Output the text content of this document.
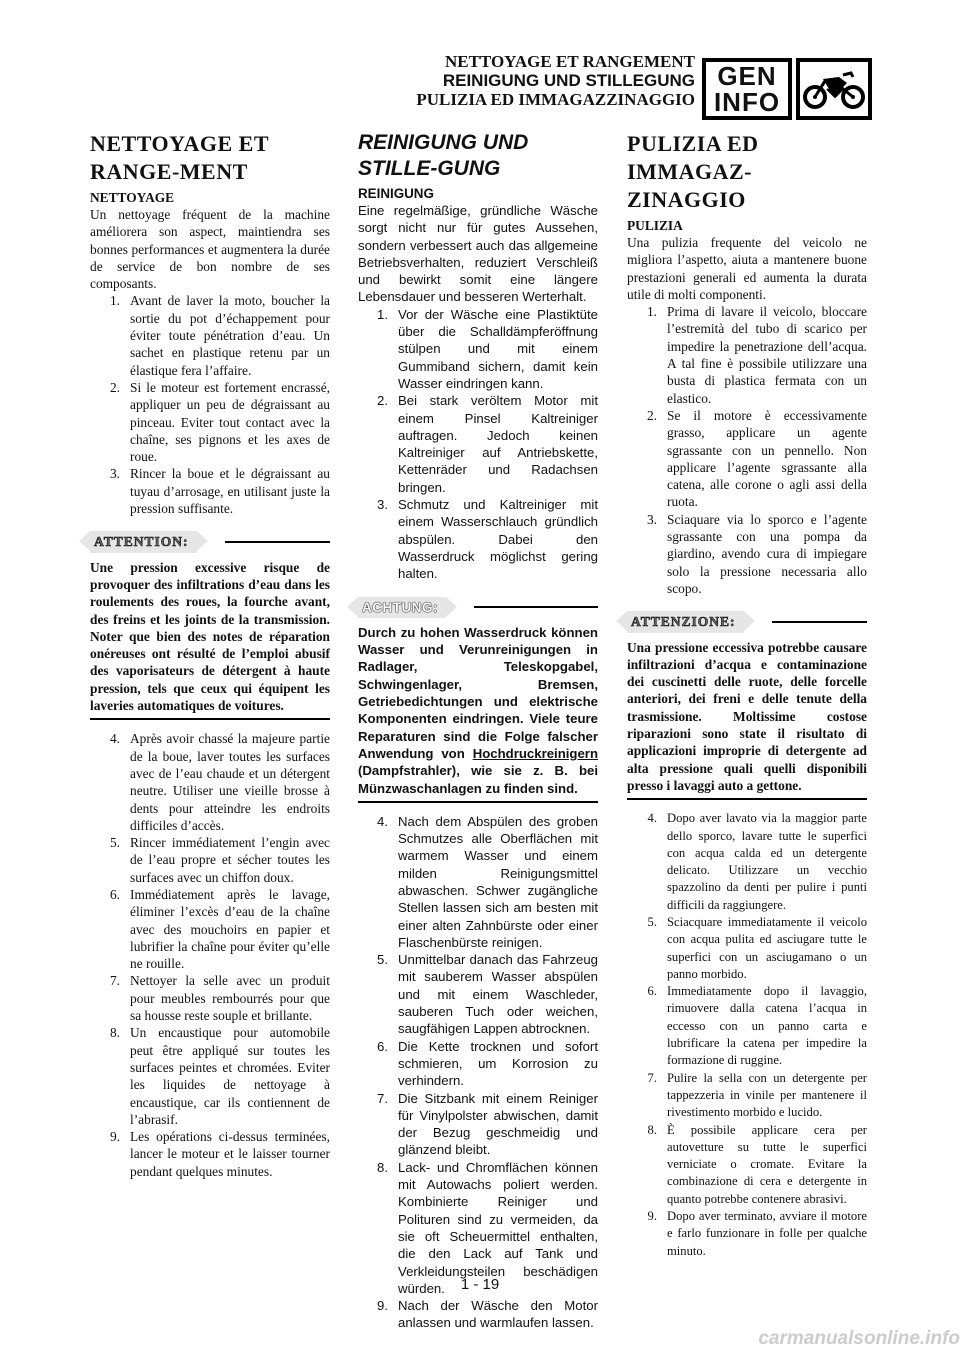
NETTOYAGE ET RANGEMENT
REINIGUNG UND STILLEGUNG
PULIZIA ED IMMAGAZZINAGGIO
GEN
INFO
NETTOYAGE ET RANGE-MENT
NETTOYAGE

Un nettoyage fréquent de la machine améliorera son aspect, maintiendra ses bonnes performances et augmentera la durée de service de bon nombre de ses composants.

1. Avant de laver la moto, boucher la sortie du pot d’échappement pour éviter toute pénétration d’eau. Un sachet en plastique retenu par un élastique fera l’affaire.
2. Si le moteur est fortement encrassé, appliquer un peu de dégraissant au pinceau. Eviter tout contact avec la chaîne, ses pignons et les axes de roue.
3. Rincer la boue et le dégraissant au tuyau d’arrosage, en utilisant juste la pression suffisante.
ATTENTION:

Une pression excessive risque de provoquer des infiltrations d’eau dans les roulements des roues, la fourche avant, des freins et les joints de la transmission. Noter que bien des notes de réparation onéreuses ont résulté de l’emploi abusif des vaporisateurs de détergent à haute pression, tels que ceux qui équipent les laveries automatiques de voitures.

4. Après avoir chassé la majeure partie de la boue, laver toutes les surfaces avec de l’eau chaude et un détergent neutre. Utiliser une vieille brosse à dents pour atteindre les endroits difficiles d’accès.
5. Rincer immédiatement l’engin avec de l’eau propre et sécher toutes les surfaces avec un chiffon doux.
6. Immédiatement après le lavage, éliminer l’excès d’eau de la chaîne avec des mouchoirs en papier et lubrifier la chaîne pour éviter qu’elle ne rouille.
7. Nettoyer la selle avec un produit pour meubles rembourrés pour que sa housse reste souple et brillante.
8. Un encaustique pour automobile peut être appliqué sur toutes les surfaces peintes et chromées. Eviter les liquides de nettoyage à encaustique, car ils contiennent de l’abrasif.
9. Les opérations ci-dessus terminées, lancer le moteur et le laisser tourner pendant quelques minutes.
REINIGUNG UND STILLE-GUNG
REINIGUNG

Eine regelmäßige, gründliche Wäsche sorgt nicht nur für gutes Aussehen, sondern verbessert auch das allgemeine Betriebsverhalten, reduziert Verschleiß und bewirkt somit eine längere Lebensdauer und besseren Werterhalt.

1. Vor der Wäsche eine Plastiktüte über die Schalldämpferöffnung stülpen und mit einem Gummiband sichern, damit kein Wasser eindringen kann.
2. Bei stark veröltem Motor mit einem Pinsel Kaltreiniger auftragen. Jedoch keinen Kaltreiniger auf Antriebskette, Kettenräder und Radachsen bringen.
3. Schmutz und Kaltreiniger mit einem Wasserschlauch gründlich abspülen. Dabei den Wasserdruck möglichst gering halten.
ACHTUNG:

Durch zu hohen Wasserdruck können Wasser und Verunreinigungen in Radlager, Teleskopgabel, Schwingenlager, Bremsen, Getriebedichtungen und elektrische Komponenten eindringen. Viele teure Reparaturen sind die Folge falscher Anwendung von Hochdruckreinigern (Dampfstrahler), wie sie z. B. bei Münzwaschanlagen zu finden sind.

4. Nach dem Abspülen des groben Schmutzes alle Oberflächen mit warmem Wasser und einem milden Reinigungsmittel abwaschen. Schwer zugängliche Stellen lassen sich am besten mit einer alten Zahnbürste oder einer Flaschenbürste reinigen.
5. Unmittelbar danach das Fahrzeug mit sauberem Wasser abspülen und mit einem Waschleder, sauberen Tuch oder weichen, saugfähigen Lappen abtrocknen.
6. Die Kette trocknen und sofort schmieren, um Korrosion zu verhindern.
7. Die Sitzbank mit einem Reiniger für Vinylpolster abwischen, damit der Bezug geschmeidig und glänzend bleibt.
8. Lack- und Chromflächen können mit Autowachs poliert werden. Kombinierte Reiniger und Polituren sind zu vermeiden, da sie oft Scheuermittel enthalten, die den Lack auf Tank und Verkleidungsteilen beschädigen würden.
9. Nach der Wäsche den Motor anlassen und warmlaufen lassen.
PULIZIA ED IMMAGAZ-ZINAGGIO
PULIZIA

Una pulizia frequente del veicolo ne migliora l’aspetto, aiuta a mantenere buone prestazioni generali ed aumenta la durata utile di molti componenti.

1. Prima di lavare il veicolo, bloccare l’estremità del tubo di scarico per impedire la penetrazione dell’acqua. A tal fine è possibile utilizzare una busta di plastica fermata con un elastico.
2. Se il motore è eccessivamente grasso, applicare un agente sgrassante con un pennello. Non applicare l’agente sgrassante alla catena, alle corone o agli assi della ruota.
3. Sciaquare via lo sporco e l’agente sgrassante con una pompa da giardino, avendo cura di impiegare solo la pressione necessaria allo scopo.
ATTENZIONE:

Una pressione eccessiva potrebbe causare infiltrazioni d’acqua e contaminazione dei cuscinetti delle ruote, delle forcelle anteriori, dei freni e delle tenute della trasmissione. Moltissime costose riparazioni sono state il risultato di applicazioni improprie di detergente ad alta pressione quali quelli disponibili presso i lavaggi auto a gettone.

4. Dopo aver lavato via la maggior parte dello sporco, lavare tutte le superfici con acqua calda ed un detergente delicato. Utilizzare un vecchio spazzolino da denti per pulire i punti difficili da raggiungere.
5. Sciacquare immediatamente il veicolo con acqua pulita ed asciugare tutte le superfici con un asciugamano o un panno morbido.
6. Immediatamente dopo il lavaggio, rimuovere dalla catena l’acqua in eccesso con un panno carta e lubrificare la catena per impedire la formazione di ruggine.
7. Pulire la sella con un detergente per tappezzeria in vinile per mantenere il rivestimento morbido e lucido.
8. È possibile applicare cera per autovetture su tutte le superfici verniciate o cromate. Evitare la combinazione di cera e detergente in quanto potrebbe contenere abrasivi.
9. Dopo aver terminato, avviare il motore e farlo funzionare in folle per qualche minuto.
1 - 19
carmanualsonline.info
